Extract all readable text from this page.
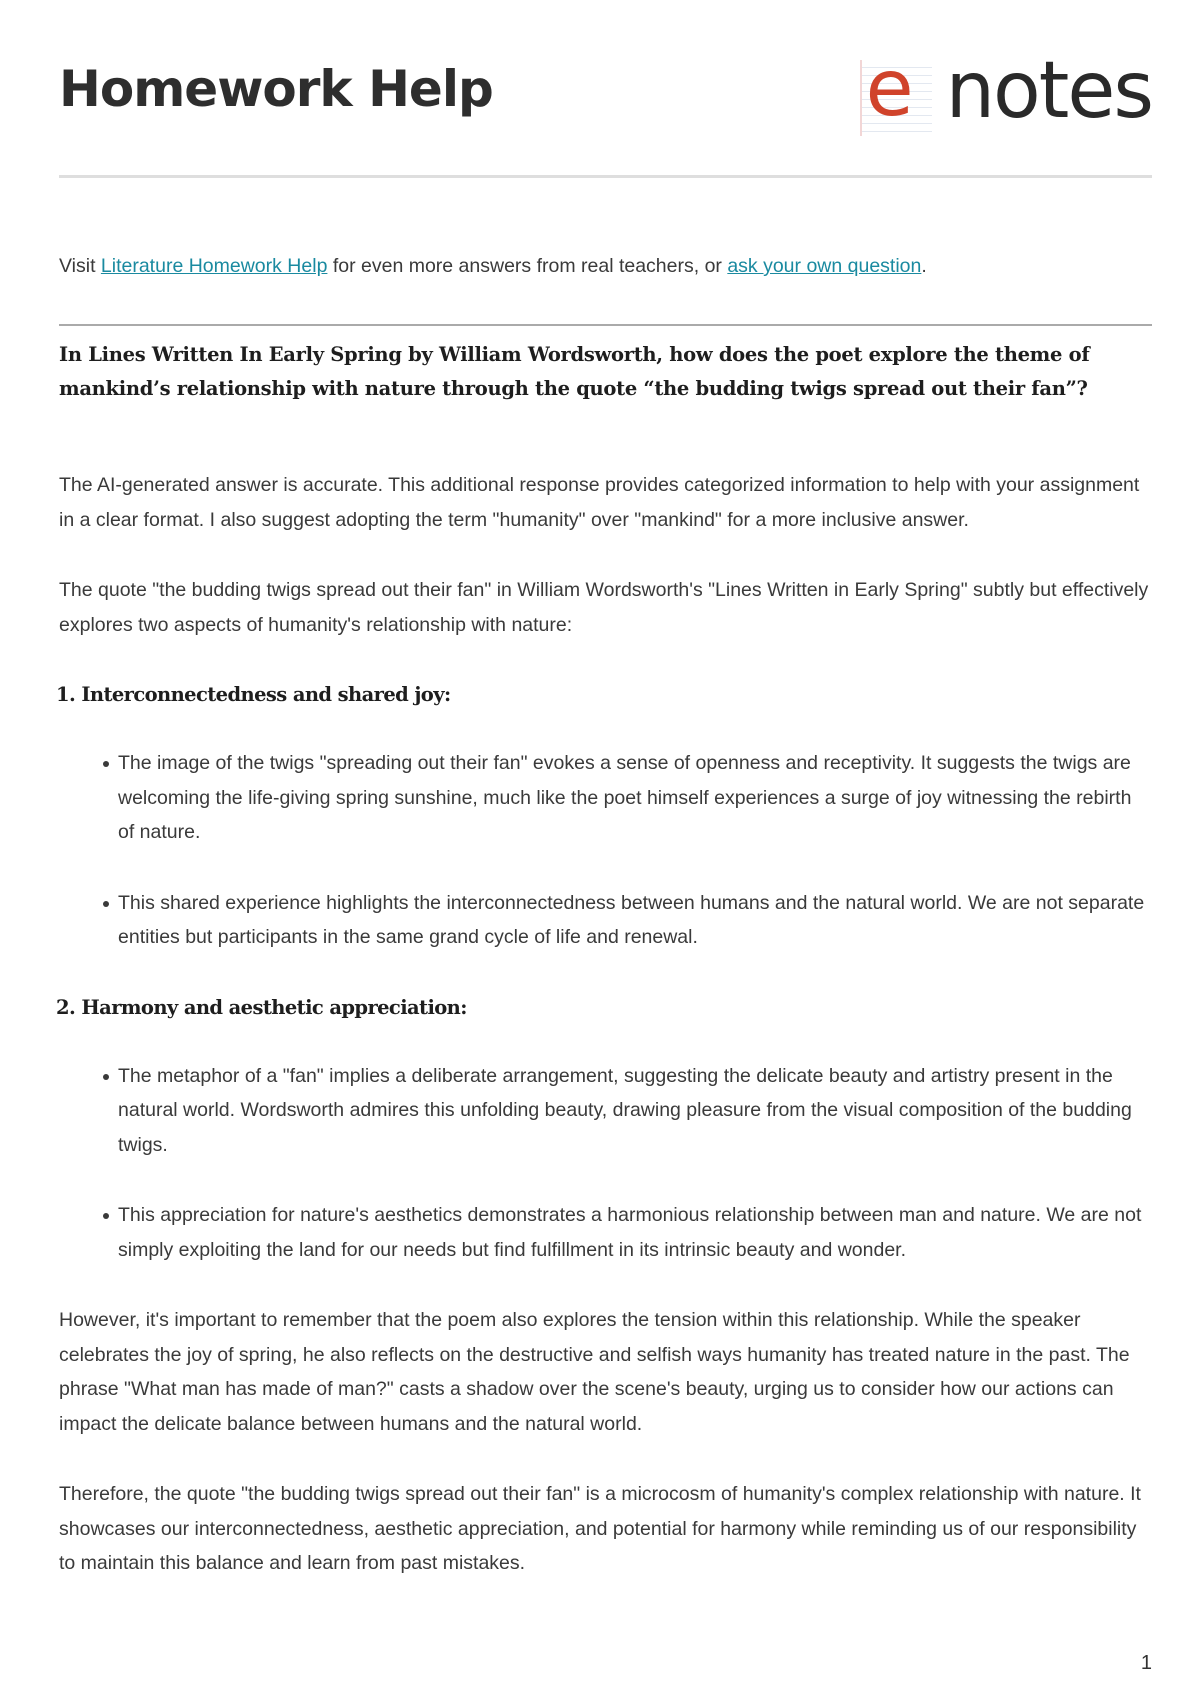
Homework Help	e notes

Visit Literature Homework Help for even more answers from real teachers, or ask your own question.

In Lines Written In Early Spring by William Wordsworth, how does the poet explore the theme of mankind’s relationship with nature through the quote “the budding twigs spread out their fan”?

The AI-generated answer is accurate. This additional response provides categorized information to help with your assignment in a clear format. I also suggest adopting the term "humanity" over "mankind" for a more inclusive answer.

The quote "the budding twigs spread out their fan" in William Wordsworth's "Lines Written in Early Spring" subtly but effectively explores two aspects of humanity's relationship with nature:

1. Interconnectedness and shared joy:
The image of the twigs "spreading out their fan" evokes a sense of openness and receptivity. It suggests the twigs are welcoming the life-giving spring sunshine, much like the poet himself experiences a surge of joy witnessing the rebirth of nature.
This shared experience highlights the interconnectedness between humans and the natural world. We are not separate entities but participants in the same grand cycle of life and renewal.
2. Harmony and aesthetic appreciation:
The metaphor of a "fan" implies a deliberate arrangement, suggesting the delicate beauty and artistry present in the natural world. Wordsworth admires this unfolding beauty, drawing pleasure from the visual composition of the budding twigs.
This appreciation for nature's aesthetics demonstrates a harmonious relationship between man and nature. We are not simply exploiting the land for our needs but find fulfillment in its intrinsic beauty and wonder.

However, it's important to remember that the poem also explores the tension within this relationship. While the speaker celebrates the joy of spring, he also reflects on the destructive and selfish ways humanity has treated nature in the past. The phrase "What man has made of man?" casts a shadow over the scene's beauty, urging us to consider how our actions can impact the delicate balance between humans and the natural world.

Therefore, the quote "the budding twigs spread out their fan" is a microcosm of humanity's complex relationship with nature. It showcases our interconnectedness, aesthetic appreciation, and potential for harmony while reminding us of our responsibility to maintain this balance and learn from past mistakes.

1
